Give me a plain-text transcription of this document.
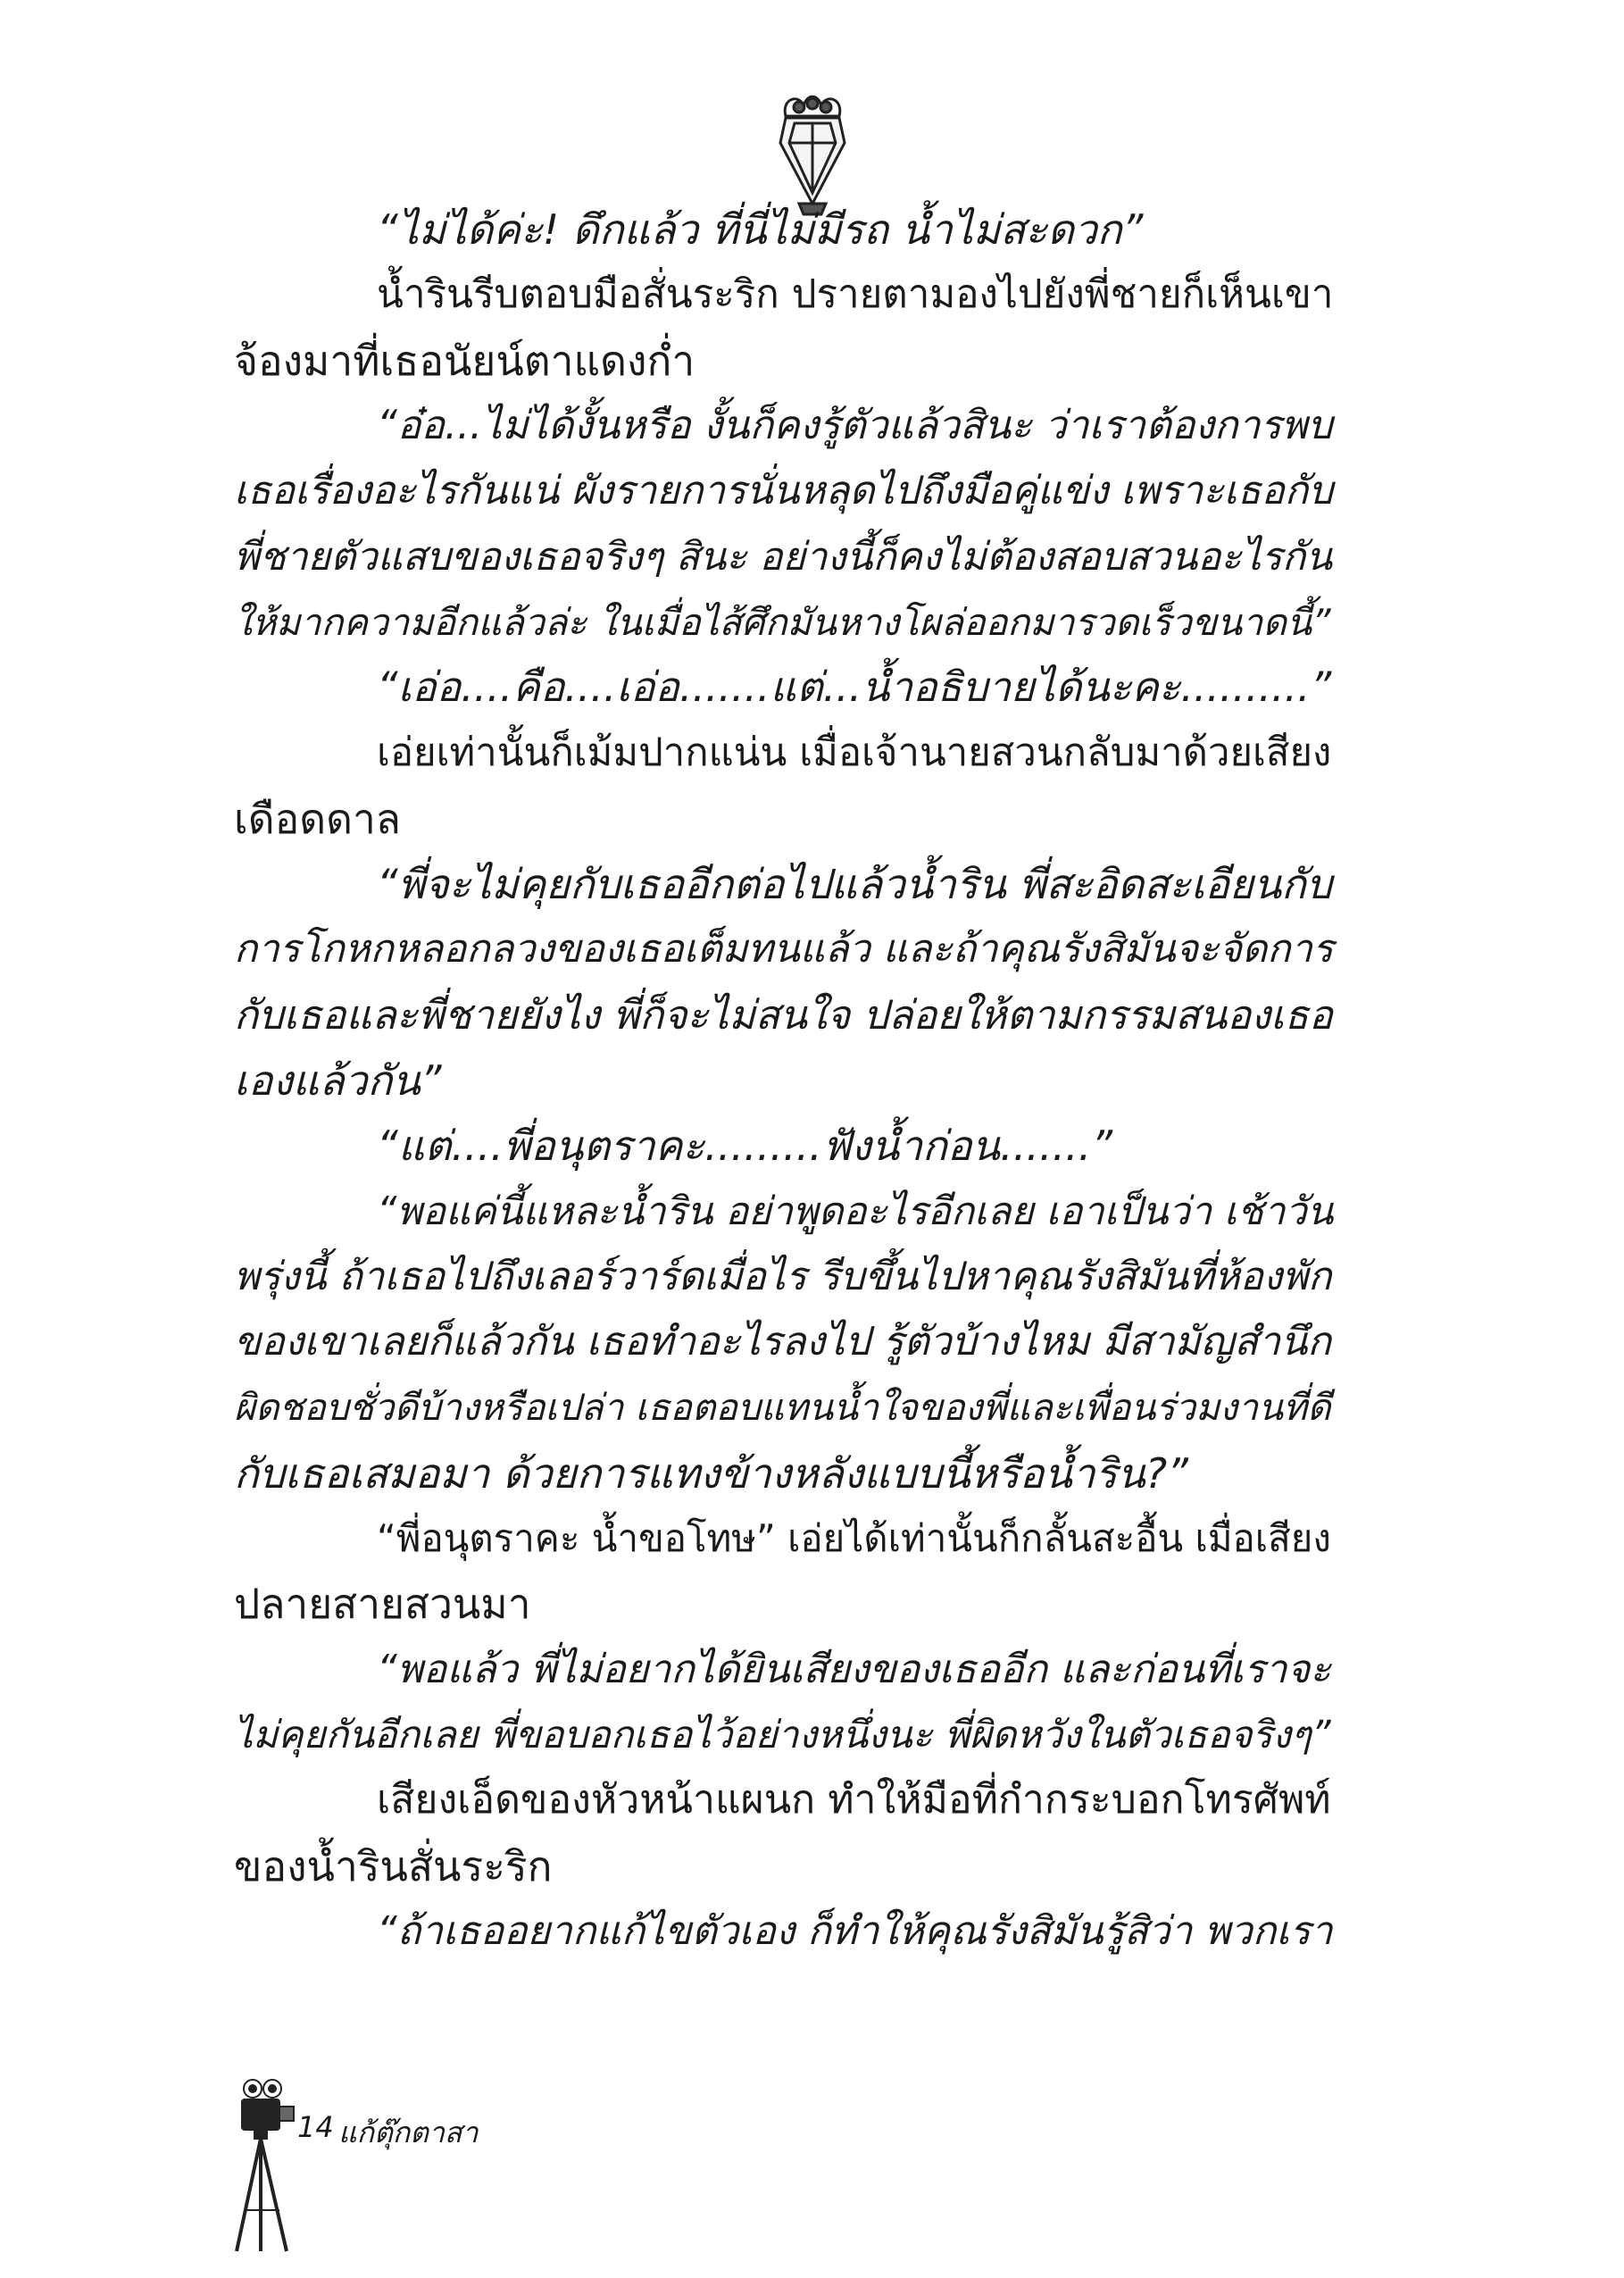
“ไม่ได้ค่ะ! ดึกแล้ว ที่นี่ไม่มีรถ น้ำไม่สะดวก”
น้ำรินรีบตอบมือสั่นระริก ปรายตามองไปยังพี่ชายก็เห็นเขา
จ้องมาที่เธอนัยน์ตาแดงก่ำ
“อ๋อ...ไม่ได้งั้นหรือ งั้นก็คงรู้ตัวแล้วสินะ ว่าเราต้องการพบ
เธอเรื่องอะไรกันแน่ ผังรายการนั่นหลุดไปถึงมือคู่แข่ง เพราะเธอกับ
พี่ชายตัวแสบของเธอจริงๆ สินะ อย่างนี้ก็คงไม่ต้องสอบสวนอะไรกัน
ให้มากความอีกแล้วล่ะ ในเมื่อไส้ศึกมันหางโผล่ออกมารวดเร็วขนาดนี้”
“เอ่อ....คือ....เอ่อ.......แต่...น้ำอธิบายได้นะคะ..........”
เอ่ยเท่านั้นก็เม้มปากแน่น เมื่อเจ้านายสวนกลับมาด้วยเสียง
เดือดดาล
“พี่จะไม่คุยกับเธออีกต่อไปแล้วน้ำริน พี่สะอิดสะเอียนกับ
การโกหกหลอกลวงของเธอเต็มทนแล้ว และถ้าคุณรังสิมันจะจัดการ
กับเธอและพี่ชายยังไง พี่ก็จะไม่สนใจ ปล่อยให้ตามกรรมสนองเธอ
เองแล้วกัน”
“แต่....พี่อนุตราคะ.........ฟังน้ำก่อน.......”
“พอแค่นี้แหละน้ำริน อย่าพูดอะไรอีกเลย เอาเป็นว่า เช้าวัน
พรุ่งนี้ ถ้าเธอไปถึงเลอร์วาร์ดเมื่อไร รีบขึ้นไปหาคุณรังสิมันที่ห้องพัก
ของเขาเลยก็แล้วกัน เธอทำอะไรลงไป รู้ตัวบ้างไหม มีสามัญสำนึก
ผิดชอบชั่วดีบ้างหรือเปล่า เธอตอบแทนน้ำใจของพี่และเพื่อนร่วมงานที่ดี
กับเธอเสมอมา ด้วยการแทงข้างหลังแบบนี้หรือน้ำริน?”
“พี่อนุตราคะ น้ำขอโทษ” เอ่ยได้เท่านั้นก็กลั้นสะอื้น เมื่อเสียง
ปลายสายสวนมา
“พอแล้ว พี่ไม่อยากได้ยินเสียงของเธออีก และก่อนที่เราจะ
ไม่คุยกันอีกเลย พี่ขอบอกเธอไว้อย่างหนึ่งนะ พี่ผิดหวังในตัวเธอจริงๆ”
เสียงเอ็ดของหัวหน้าแผนก ทำให้มือที่กำกระบอกโทรศัพท์
ของน้ำรินสั่นระริก
“ถ้าเธออยากแก้ไขตัวเอง ก็ทำให้คุณรังสิมันรู้สิว่า พวกเรา
14 แก้ตุ๊กตาสา
